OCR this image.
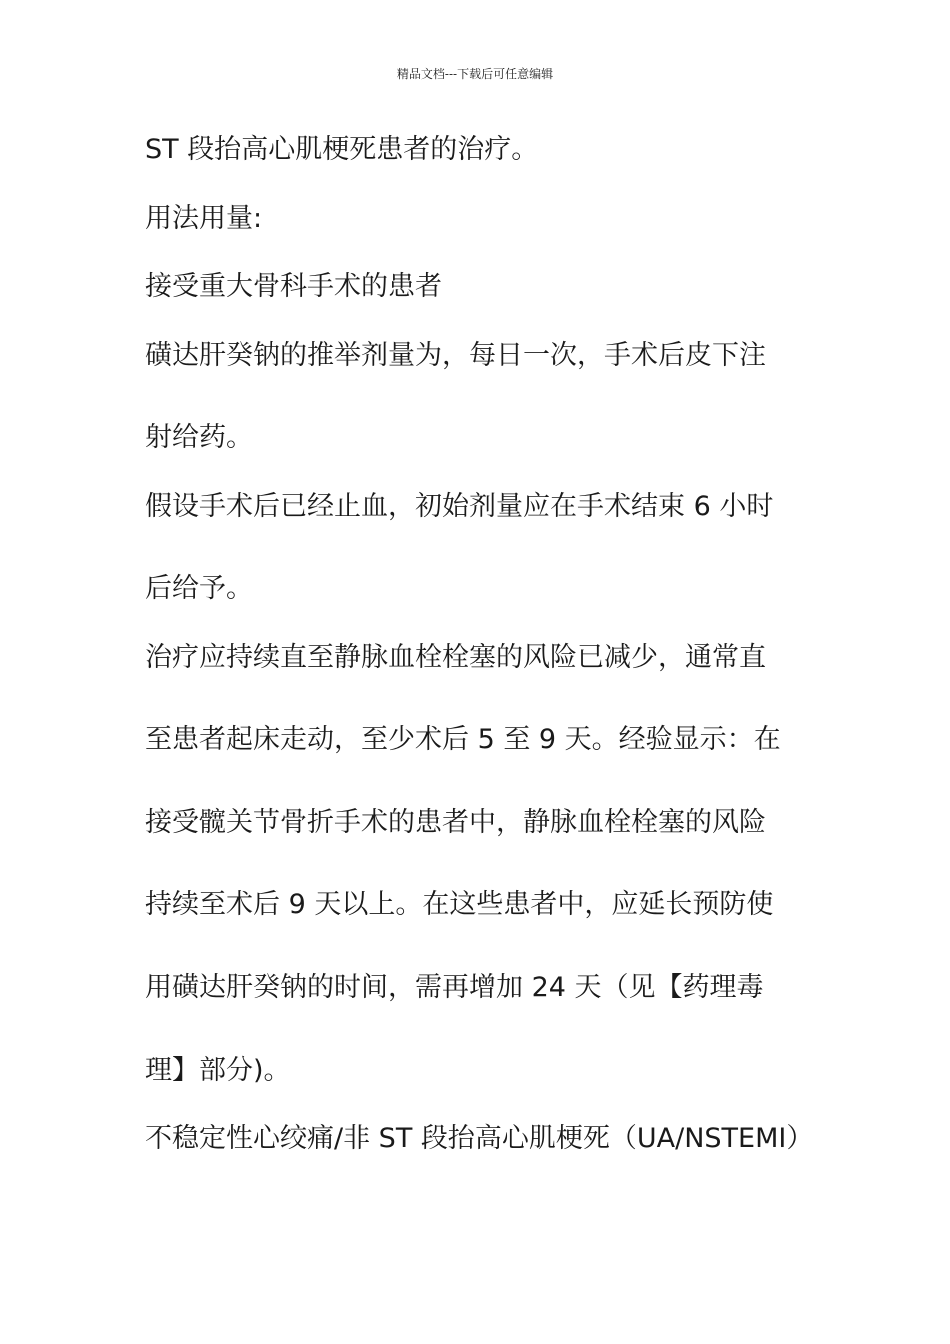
精品文档---下载后可任意编辑
ST 段抬高心肌梗死患者的治疗。
用法用量:
接受重大骨科手术的患者
磺达肝癸钠的推举剂量为，每日一次，手术后皮下注
射给药。
假设手术后已经止血，初始剂量应在手术结束 6 小时
后给予。
治疗应持续直至静脉血栓栓塞的风险已减少，通常直
至患者起床走动，至少术后 5 至 9 天。经验显示：在
接受髋关节骨折手术的患者中，静脉血栓栓塞的风险
持续至术后 9 天以上。在这些患者中，应延长预防使
用磺达肝癸钠的时间，需再增加 24 天（见【药理毒
理】部分)。
不稳定性心绞痛/非 ST 段抬高心肌梗死（UA/NSTEMI）
